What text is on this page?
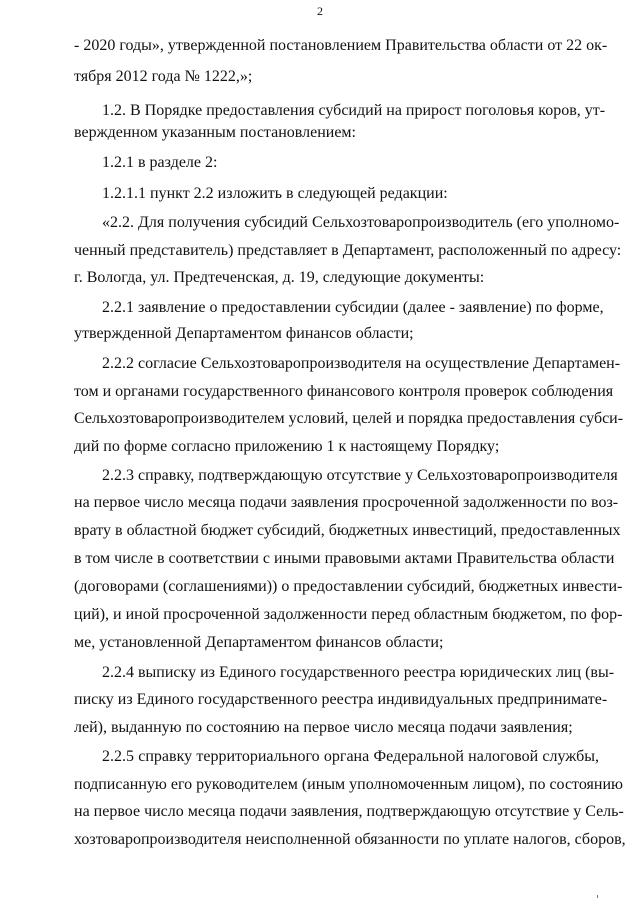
2
- 2020 годы», утвержденной постановлением Правительства области от 22 ок-
тября 2012 года № 1222,»;
1.2. В Порядке предоставления субсидий на прирост поголовья коров, ут-
вержденном указанным постановлением:
1.2.1 в разделе 2:
1.2.1.1 пункт 2.2 изложить в следующей редакции:
«2.2. Для получения субсидий Сельхозтоваропроизводитель (его уполномо-
ченный представитель) представляет в Департамент, расположенный по адресу:
г. Вологда, ул. Предтеченская, д. 19, следующие документы:
2.2.1 заявление о предоставлении субсидии (далее - заявление) по форме,
утвержденной Департаментом финансов области;
2.2.2 согласие Сельхозтоваропроизводителя на осуществление Департамен-
том и органами государственного финансового контроля проверок соблюдения
Сельхозтоваропроизводителем условий, целей и порядка предоставления субси-
дий по форме согласно приложению 1 к настоящему Порядку;
2.2.3 справку, подтверждающую отсутствие у Сельхозтоваропроизводителя
на первое число месяца подачи заявления просроченной задолженности по воз-
врату в областной бюджет субсидий, бюджетных инвестиций, предоставленных
в том числе в соответствии с иными правовыми актами Правительства области
(договорами (соглашениями)) о предоставлении субсидий, бюджетных инвести-
ций), и иной просроченной задолженности перед областным бюджетом, по фор-
ме, установленной Департаментом финансов области;
2.2.4 выписку из Единого государственного реестра юридических лиц (вы-
писку из Единого государственного реестра индивидуальных предпринимате-
лей), выданную по состоянию на первое число месяца подачи заявления;
2.2.5 справку территориального органа Федеральной налоговой службы,
подписанную его руководителем (иным уполномоченным лицом), по состоянию
на первое число месяца подачи заявления, подтверждающую отсутствие у Сель-
хозтоваропроизводителя неисполненной обязанности по уплате налогов, сборов,
